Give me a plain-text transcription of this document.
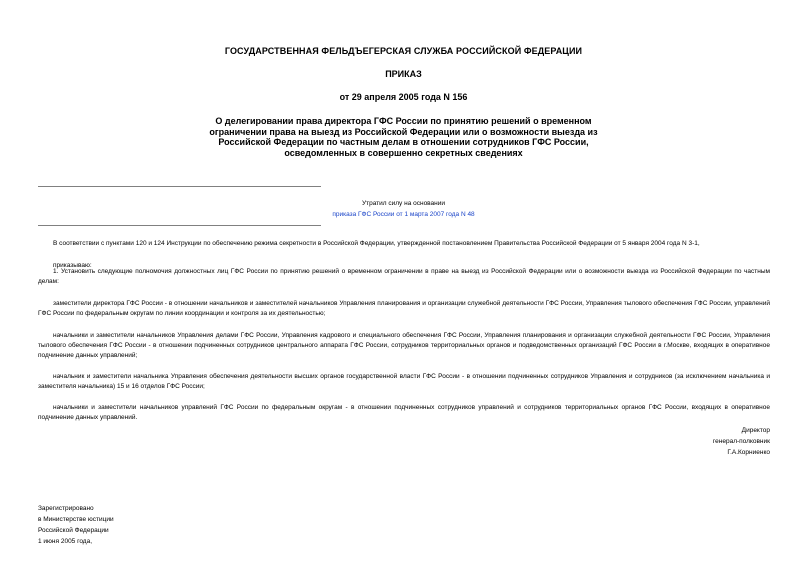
ГОСУДАРСТВЕННАЯ ФЕЛЬДЪЕГЕРСКАЯ СЛУЖБА РОССИЙСКОЙ ФЕДЕРАЦИИ
ПРИКАЗ
от 29 апреля 2005 года N 156
О делегировании права директора ГФС России по принятию решений о временном ограничении права на выезд из Российской Федерации или о возможности выезда из Российской Федерации по частным делам в отношении сотрудников ГФС России, осведомленных в совершенно секретных сведениях
Утратил силу на основании
приказа ГФС России от 1 марта 2007 года N 48
В соответствии с пунктами 120 и 124 Инструкции по обеспечению режима секретности в Российской Федерации, утвержденной постановлением Правительства Российской Федерации от 5 января 2004 года N 3-1,
приказываю:
1. Установить следующие полномочия должностных лиц ГФС России по принятию решений о временном ограничении в праве на выезд из Российской Федерации или о возможности выезда из Российской Федерации по частным делам:
заместители директора ГФС России - в отношении начальников и заместителей начальников Управления планирования и организации служебной деятельности ГФС России, Управления тылового обеспечения ГФС России, управлений ГФС России по федеральным округам по линии координации и контроля за их деятельностью;
начальники и заместители начальников Управления делами ГФС России, Управления кадрового и специального обеспечения ГФС России, Управления планирования и организации служебной деятельности ГФС России, Управления тылового обеспечения ГФС России - в отношении подчиненных сотрудников центрального аппарата ГФС России, сотрудников территориальных органов и подведомственных организаций ГФС России в г.Москве, входящих в оперативное подчинение данных управлений;
начальник и заместители начальника Управления обеспечения деятельности высших органов государственной власти ГФС России - в отношении подчиненных сотрудников Управления и сотрудников (за исключением начальника и заместителя начальника) 15 и 16 отделов ГФС России;
начальники и заместители начальников управлений ГФС России по федеральным округам - в отношении подчиненных сотрудников управлений и сотрудников территориальных органов ГФС России, входящих в оперативное подчинение данных управлений.
Директор
генерал-полковник
Г.А.Корниенко
Зарегистрировано
в Министерстве юстиции
Российской Федерации
1 июня 2005 года,
